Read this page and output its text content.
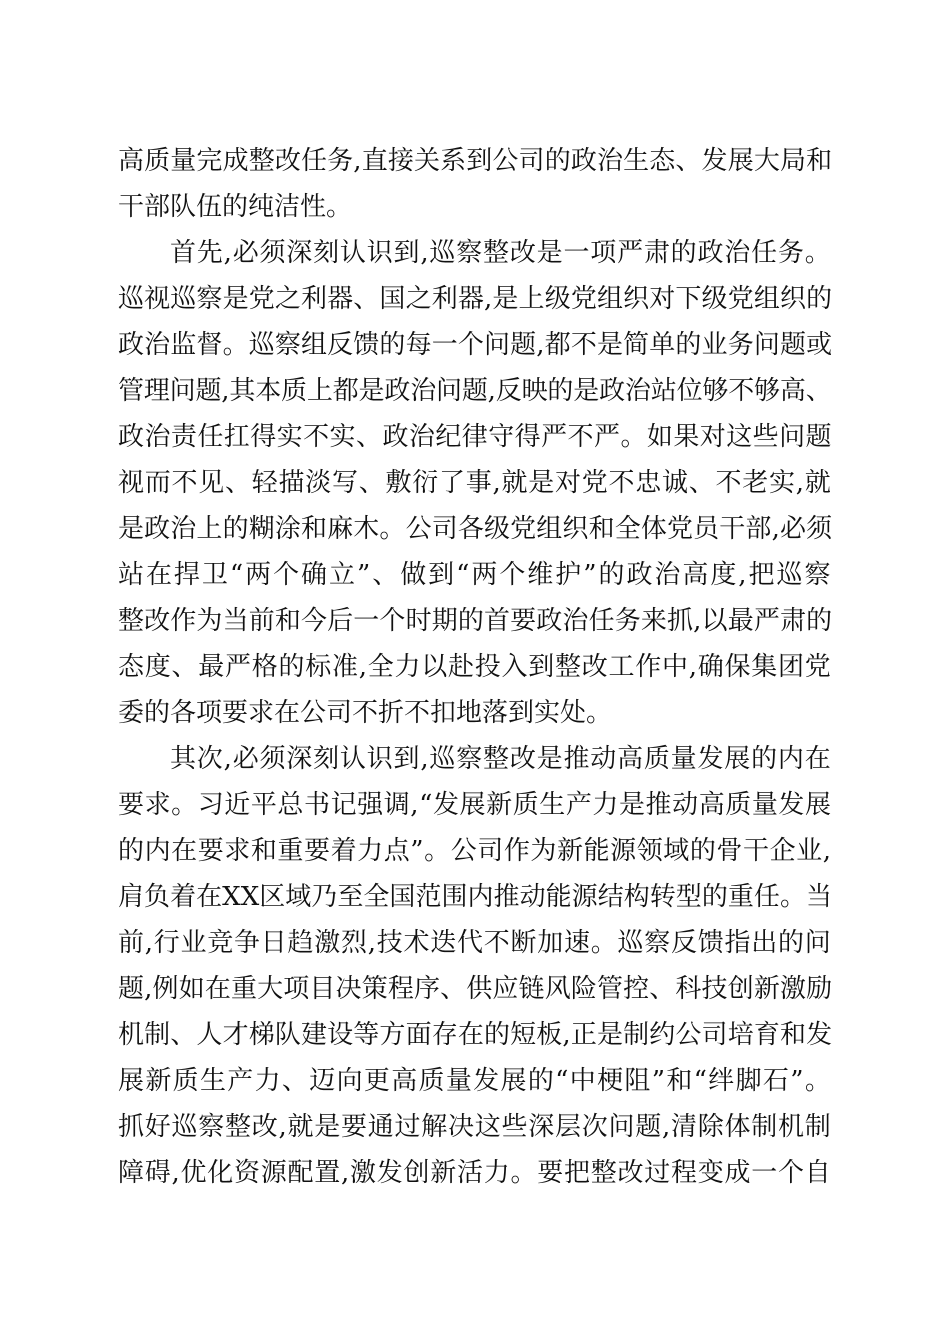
高质量完成整改任务,直接关系到公司的政治生态、发展大局和
干部队伍的纯洁性。
首先,必须深刻认识到,巡察整改是一项严肃的政治任务。
巡视巡察是党之利器、国之利器,是上级党组织对下级党组织的
政治监督。巡察组反馈的每一个问题,都不是简单的业务问题或
管理问题,其本质上都是政治问题,反映的是政治站位够不够高、
政治责任扛得实不实、政治纪律守得严不严。如果对这些问题
视而不见、轻描淡写、敷衍了事,就是对党不忠诚、不老实,就
是政治上的糊涂和麻木。公司各级党组织和全体党员干部,必须
站在捍卫“两个确立”、做到“两个维护”的政治高度,把巡察
整改作为当前和今后一个时期的首要政治任务来抓,以最严肃的
态度、最严格的标准,全力以赴投入到整改工作中,确保集团党
委的各项要求在公司不折不扣地落到实处。
其次,必须深刻认识到,巡察整改是推动高质量发展的内在
要求。习近平总书记强调,“发展新质生产力是推动高质量发展
的内在要求和重要着力点”。公司作为新能源领域的骨干企业,
肩负着在XX区域乃至全国范围内推动能源结构转型的重任。当
前,行业竞争日趋激烈,技术迭代不断加速。巡察反馈指出的问
题,例如在重大项目决策程序、供应链风险管控、科技创新激励
机制、人才梯队建设等方面存在的短板,正是制约公司培育和发
展新质生产力、迈向更高质量发展的“中梗阻”和“绊脚石”。
抓好巡察整改,就是要通过解决这些深层次问题,清除体制机制
障碍,优化资源配置,激发创新活力。要把整改过程变成一个自
